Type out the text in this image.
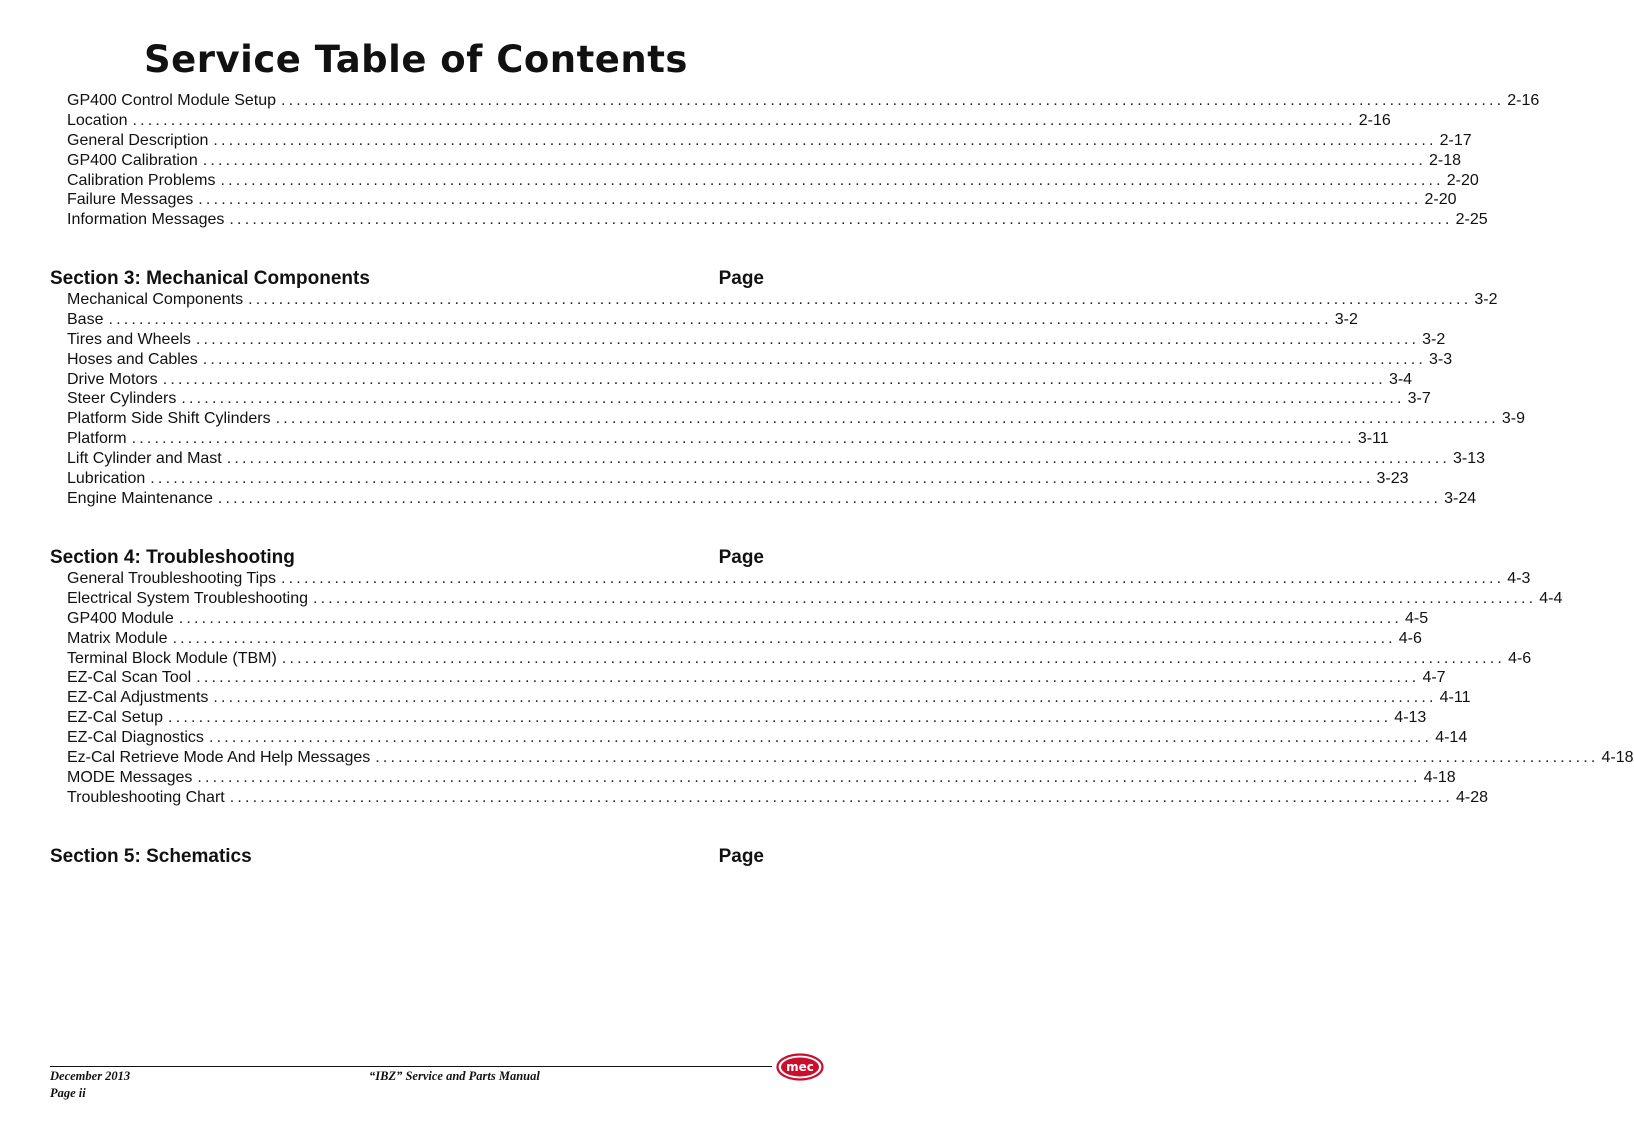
Service Table of Contents
GP400 Control Module Setup ................................................................................................................................................................ 2-16
Location ................................................................................................................................................................ 2-16
General Description ................................................................................................................................................................ 2-17
GP400 Calibration ................................................................................................................................................................ 2-18
Calibration Problems ................................................................................................................................................................ 2-20
Failure Messages ................................................................................................................................................................ 2-20
Information Messages ................................................................................................................................................................ 2-25
Section 3: Mechanical Components	Page
Mechanical Components ................................................................................................................................................................ 3-2
Base ................................................................................................................................................................ 3-2
Tires and Wheels ................................................................................................................................................................ 3-2
Hoses and Cables ................................................................................................................................................................ 3-3
Drive Motors ................................................................................................................................................................ 3-4
Steer Cylinders ................................................................................................................................................................ 3-7
Platform Side Shift Cylinders ................................................................................................................................................................ 3-9
Platform ................................................................................................................................................................ 3-11
Lift Cylinder and Mast ................................................................................................................................................................ 3-13
Lubrication ................................................................................................................................................................ 3-23
Engine Maintenance ................................................................................................................................................................ 3-24
Section 4: Troubleshooting	Page
General Troubleshooting Tips ................................................................................................................................................................ 4-3
Electrical System Troubleshooting ................................................................................................................................................................ 4-4
GP400 Module ................................................................................................................................................................ 4-5
Matrix Module ................................................................................................................................................................ 4-6
Terminal Block Module (TBM) ................................................................................................................................................................ 4-6
EZ-Cal Scan Tool ................................................................................................................................................................ 4-7
EZ-Cal Adjustments ................................................................................................................................................................ 4-11
EZ-Cal Setup ................................................................................................................................................................ 4-13
EZ-Cal Diagnostics ................................................................................................................................................................ 4-14
Ez-Cal Retrieve Mode And Help Messages ................................................................................................................................................................ 4-18
MODE Messages ................................................................................................................................................................ 4-18
Troubleshooting Chart ................................................................................................................................................................ 4-28
Section 5: Schematics	Page
December 2013
Page ii
“IBZ” Service and Parts Manual
mec
